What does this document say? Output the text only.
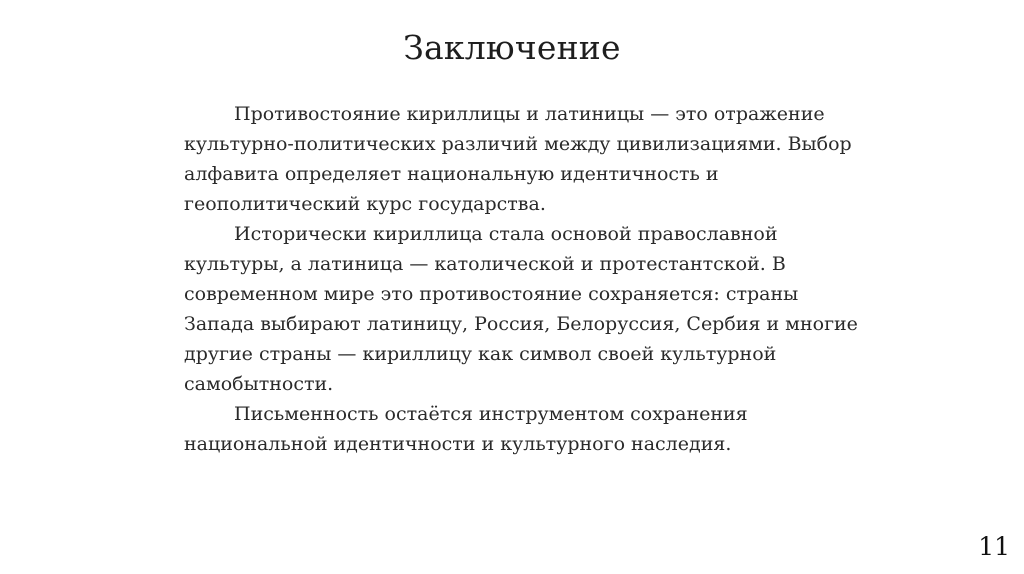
Заключение

Противостояние кириллицы и латиницы — это отражение культурно-политических различий между цивилизациями. Выбор алфавита определяет национальную идентичность и геополитический курс государства.

Исторически кириллица стала основой православной культуры, а латиница — католической и протестантской. В современном мире это противостояние сохраняется: страны Запада выбирают латиницу, Россия, Белоруссия, Сербия и многие другие страны — кириллицу как символ своей культурной самобытности.

Письменность остаётся инструментом сохранения национальной идентичности и культурного наследия.

11
